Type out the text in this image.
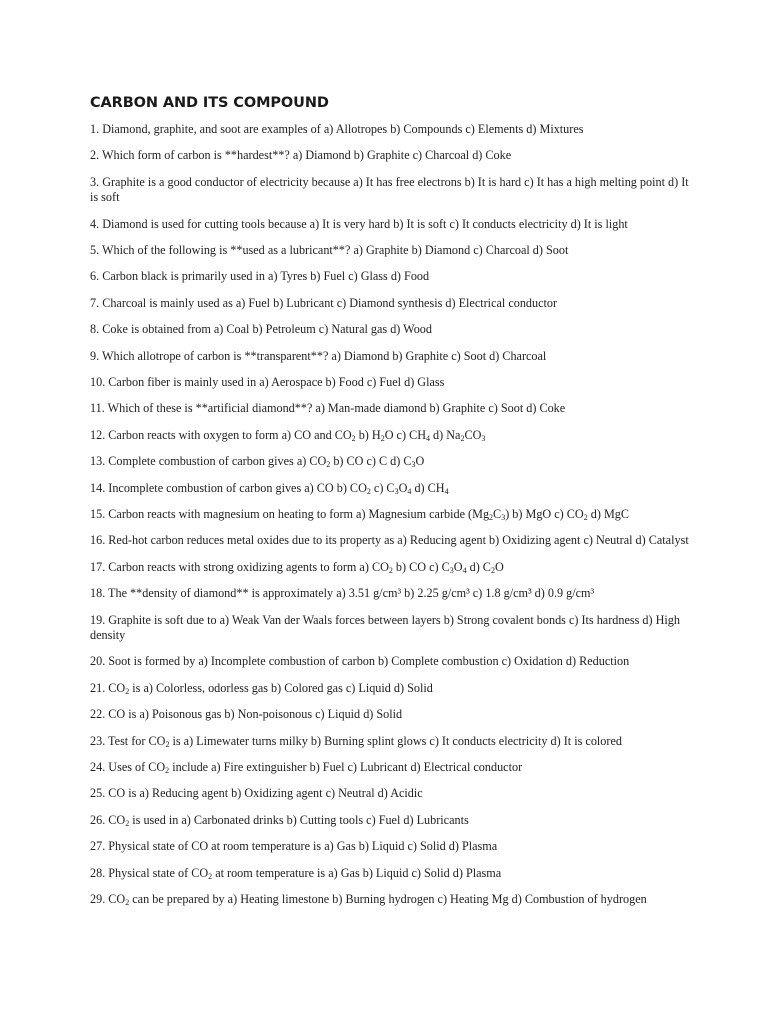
CARBON AND ITS COMPOUND

1. Diamond, graphite, and soot are examples of a) Allotropes b) Compounds c) Elements d) Mixtures

2. Which form of carbon is **hardest**? a) Diamond b) Graphite c) Charcoal d) Coke

3. Graphite is a good conductor of electricity because a) It has free electrons b) It is hard c) It has a high melting point d) It is soft

4. Diamond is used for cutting tools because a) It is very hard b) It is soft c) It conducts electricity d) It is light

5. Which of the following is **used as a lubricant**? a) Graphite b) Diamond c) Charcoal d) Soot

6. Carbon black is primarily used in a) Tyres b) Fuel c) Glass d) Food

7. Charcoal is mainly used as a) Fuel b) Lubricant c) Diamond synthesis d) Electrical conductor

8. Coke is obtained from a) Coal b) Petroleum c) Natural gas d) Wood

9. Which allotrope of carbon is **transparent**? a) Diamond b) Graphite c) Soot d) Charcoal

10. Carbon fiber is mainly used in a) Aerospace b) Food c) Fuel d) Glass

11. Which of these is **artificial diamond**? a) Man-made diamond b) Graphite c) Soot d) Coke

12. Carbon reacts with oxygen to form a) CO and $CO_2$ b) $H_2O$ c) $CH_4$ d) $Na_2CO_3$

13. Complete combustion of carbon gives a) $CO_2$ b) CO c) C d) $C_3O$

14. Incomplete combustion of carbon gives a) CO b) $CO_2$ c) $C_3O_4$ d) $CH_4$

15. Carbon reacts with magnesium on heating to form a) Magnesium carbide $(Mg_2C_3)$ b) MgO c) $CO_2$ d) MgC

16. Red-hot carbon reduces metal oxides due to its property as a) Reducing agent b) Oxidizing agent c) Neutral d) Catalyst

17. Carbon reacts with strong oxidizing agents to form a) $CO_2$ b) CO c) $C_3O_4$ d) $C_2O$

18. The **density of diamond** is approximately a) 3.51 g/cm³ b) 2.25 g/cm³ c) 1.8 g/cm³ d) 0.9 g/cm³

19. Graphite is soft due to a) Weak Van der Waals forces between layers b) Strong covalent bonds c) Its hardness d) High density

20. Soot is formed by a) Incomplete combustion of carbon b) Complete combustion c) Oxidation d) Reduction

21. $CO_2$ is a) Colorless, odorless gas b) Colored gas c) Liquid d) Solid

22. CO is a) Poisonous gas b) Non-poisonous c) Liquid d) Solid

23. Test for $CO_2$ is a) Limewater turns milky b) Burning splint glows c) It conducts electricity d) It is colored

24. Uses of $CO_2$ include a) Fire extinguisher b) Fuel c) Lubricant d) Electrical conductor

25. CO is a) Reducing agent b) Oxidizing agent c) Neutral d) Acidic

26. $CO_2$ is used in a) Carbonated drinks b) Cutting tools c) Fuel d) Lubricants

27. Physical state of CO at room temperature is a) Gas b) Liquid c) Solid d) Plasma

28. Physical state of $CO_2$ at room temperature is a) Gas b) Liquid c) Solid d) Plasma

29. $CO_2$ can be prepared by a) Heating limestone b) Burning hydrogen c) Heating Mg d) Combustion of hydrogen
